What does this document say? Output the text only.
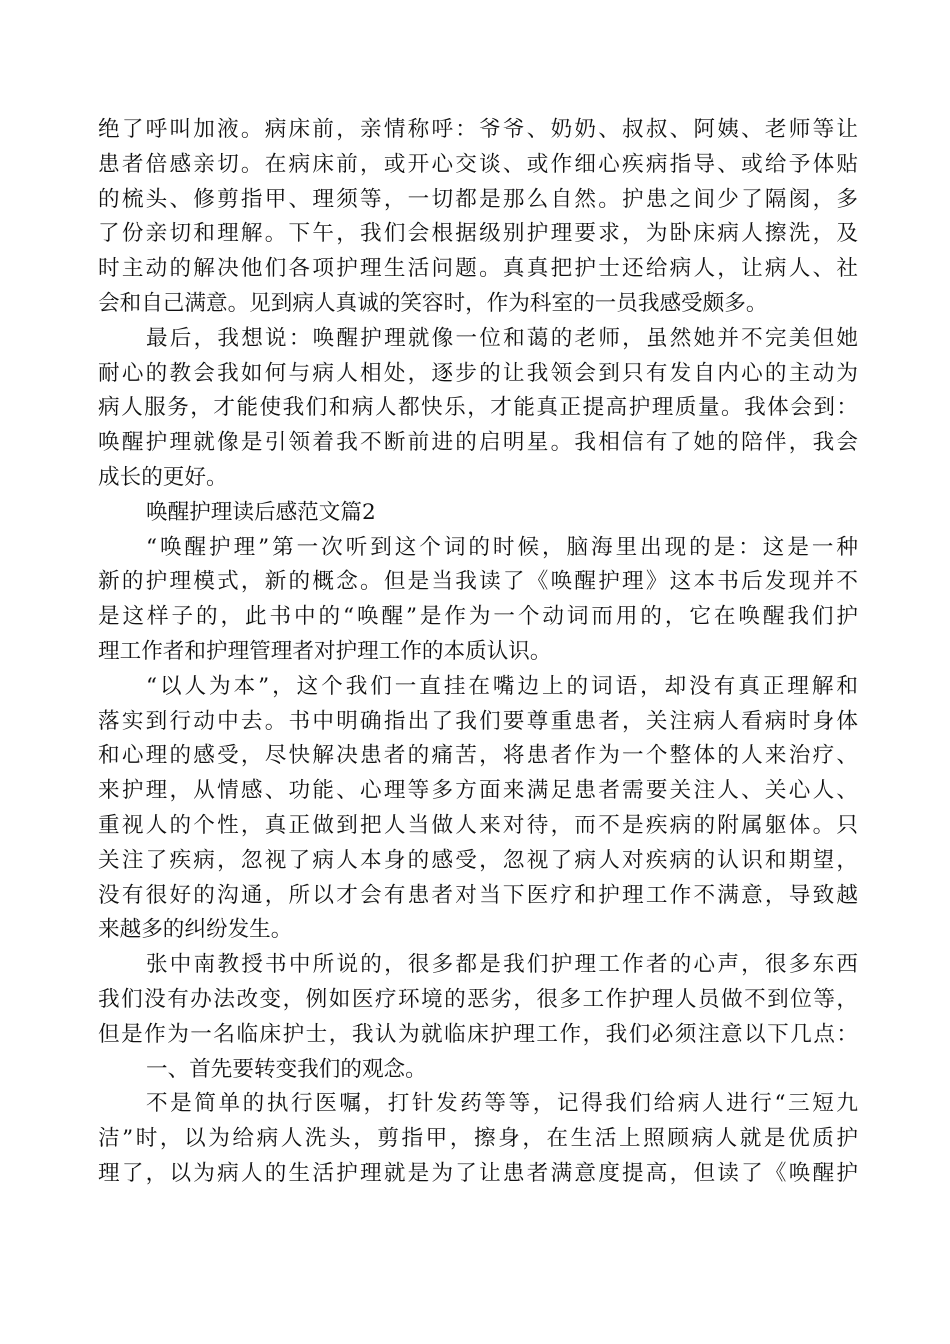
绝了呼叫加液。病床前，亲情称呼：爷爷、奶奶、叔叔、阿姨、老师等让
患者倍感亲切。在病床前，或开心交谈、或作细心疾病指导、或给予体贴
的梳头、修剪指甲、理须等，一切都是那么自然。护患之间少了隔阂，多
了份亲切和理解。下午，我们会根据级别护理要求，为卧床病人擦洗，及
时主动的解决他们各项护理生活问题。真真把护士还给病人，让病人、社
会和自己满意。见到病人真诚的笑容时，作为科室的一员我感受颇多。
最后，我想说：唤醒护理就像一位和蔼的老师，虽然她并不完美但她
耐心的教会我如何与病人相处，逐步的让我领会到只有发自内心的主动为
病人服务，才能使我们和病人都快乐，才能真正提高护理质量。我体会到：
唤醒护理就像是引领着我不断前进的启明星。我相信有了她的陪伴，我会
成长的更好。
唤醒护理读后感范文篇2
“唤醒护理”第一次听到这个词的时候，脑海里出现的是：这是一种
新的护理模式，新的概念。但是当我读了《唤醒护理》这本书后发现并不
是这样子的，此书中的“唤醒”是作为一个动词而用的，它在唤醒我们护
理工作者和护理管理者对护理工作的本质认识。
“以人为本”，这个我们一直挂在嘴边上的词语，却没有真正理解和
落实到行动中去。书中明确指出了我们要尊重患者，关注病人看病时身体
和心理的感受，尽快解决患者的痛苦，将患者作为一个整体的人来治疗、
来护理，从情感、功能、心理等多方面来满足患者需要关注人、关心人、
重视人的个性，真正做到把人当做人来对待，而不是疾病的附属躯体。只
关注了疾病，忽视了病人本身的感受，忽视了病人对疾病的认识和期望，
没有很好的沟通，所以才会有患者对当下医疗和护理工作不满意，导致越
来越多的纠纷发生。
张中南教授书中所说的，很多都是我们护理工作者的心声，很多东西
我们没有办法改变，例如医疗环境的恶劣，很多工作护理人员做不到位等，
但是作为一名临床护士，我认为就临床护理工作，我们必须注意以下几点：
一、首先要转变我们的观念。
不是简单的执行医嘱，打针发药等等，记得我们给病人进行“三短九
洁”时，以为给病人洗头，剪指甲，擦身，在生活上照顾病人就是优质护
理了，以为病人的生活护理就是为了让患者满意度提高，但读了《唤醒护
